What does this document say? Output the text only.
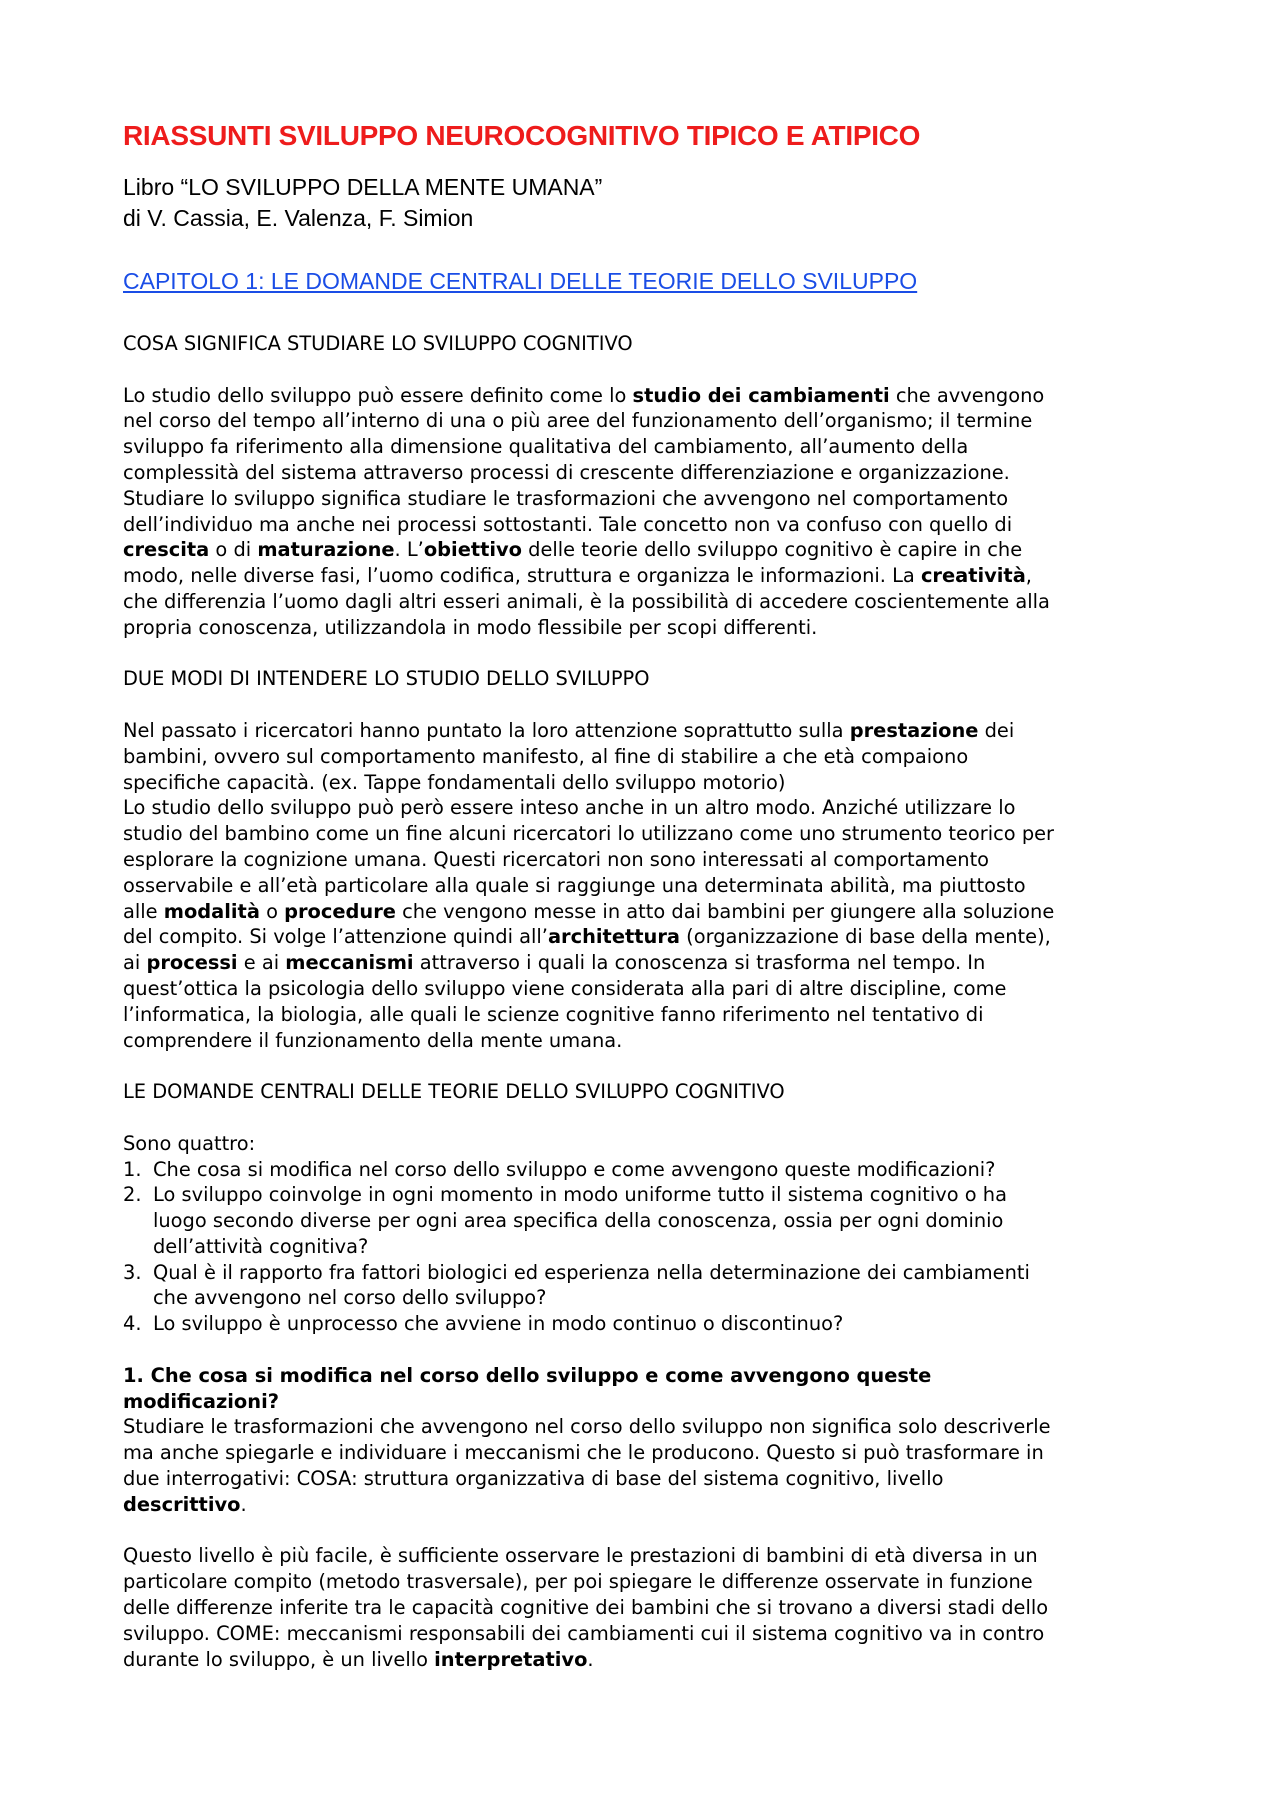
RIASSUNTI SVILUPPO NEUROCOGNITIVO TIPICO E ATIPICO

Libro “LO SVILUPPO DELLA MENTE UMANA”

di V. Cassia, E. Valenza, F. Simion

CAPITOLO 1: LE DOMANDE CENTRALI DELLE TEORIE DELLO SVILUPPO
COSA SIGNIFICA STUDIARE LO SVILUPPO COGNITIVO
Lo studio dello sviluppo può essere definito come lo studio dei cambiamenti che avvengono
nel corso del tempo all’interno di una o più aree del funzionamento dell’organismo; il termine
sviluppo fa riferimento alla dimensione qualitativa del cambiamento, all’aumento della
complessità del sistema attraverso processi di crescente differenziazione e organizzazione.
Studiare lo sviluppo significa studiare le trasformazioni che avvengono nel comportamento
dell’individuo ma anche nei processi sottostanti. Tale concetto non va confuso con quello di
crescita o di maturazione. L’obiettivo delle teorie dello sviluppo cognitivo è capire in che
modo, nelle diverse fasi, l’uomo codifica, struttura e organizza le informazioni. La creatività,
che differenzia l’uomo dagli altri esseri animali, è la possibilità di accedere coscientemente alla
propria conoscenza, utilizzandola in modo flessibile per scopi differenti.
DUE MODI DI INTENDERE LO STUDIO DELLO SVILUPPO
Nel passato i ricercatori hanno puntato la loro attenzione soprattutto sulla prestazione dei
bambini, ovvero sul comportamento manifesto, al fine di stabilire a che età compaiono
specifiche capacità. (ex. Tappe fondamentali dello sviluppo motorio)
Lo studio dello sviluppo può però essere inteso anche in un altro modo. Anziché utilizzare lo
studio del bambino come un fine alcuni ricercatori lo utilizzano come uno strumento teorico per
esplorare la cognizione umana. Questi ricercatori non sono interessati al comportamento
osservabile e all’età particolare alla quale si raggiunge una determinata abilità, ma piuttosto
alle modalità o procedure che vengono messe in atto dai bambini per giungere alla soluzione
del compito. Si volge l’attenzione quindi all’architettura (organizzazione di base della mente),
ai processi e ai meccanismi attraverso i quali la conoscenza si trasforma nel tempo. In
quest’ottica la psicologia dello sviluppo viene considerata alla pari di altre discipline, come
l’informatica, la biologia, alle quali le scienze cognitive fanno riferimento nel tentativo di
comprendere il funzionamento della mente umana.
LE DOMANDE CENTRALI DELLE TEORIE DELLO SVILUPPO COGNITIVO
Sono quattro:
1. Che cosa si modifica nel corso dello sviluppo e come avvengono queste modificazioni?
2. Lo sviluppo coinvolge in ogni momento in modo uniforme tutto il sistema cognitivo o ha
luogo secondo diverse per ogni area specifica della conoscenza, ossia per ogni dominio
dell’attività cognitiva?
3. Qual è il rapporto fra fattori biologici ed esperienza nella determinazione dei cambiamenti
che avvengono nel corso dello sviluppo?
4. Lo sviluppo è unprocesso che avviene in modo continuo o discontinuo?
1. Che cosa si modifica nel corso dello sviluppo e come avvengono queste
modificazioni?
Studiare le trasformazioni che avvengono nel corso dello sviluppo non significa solo descriverle
ma anche spiegarle e individuare i meccanismi che le producono. Questo si può trasformare in
due interrogativi: COSA: struttura organizzativa di base del sistema cognitivo, livello
descrittivo.
Questo livello è più facile, è sufficiente osservare le prestazioni di bambini di età diversa in un
particolare compito (metodo trasversale), per poi spiegare le differenze osservate in funzione
delle differenze inferite tra le capacità cognitive dei bambini che si trovano a diversi stadi dello
sviluppo. COME: meccanismi responsabili dei cambiamenti cui il sistema cognitivo va in contro
durante lo sviluppo, è un livello interpretativo.
